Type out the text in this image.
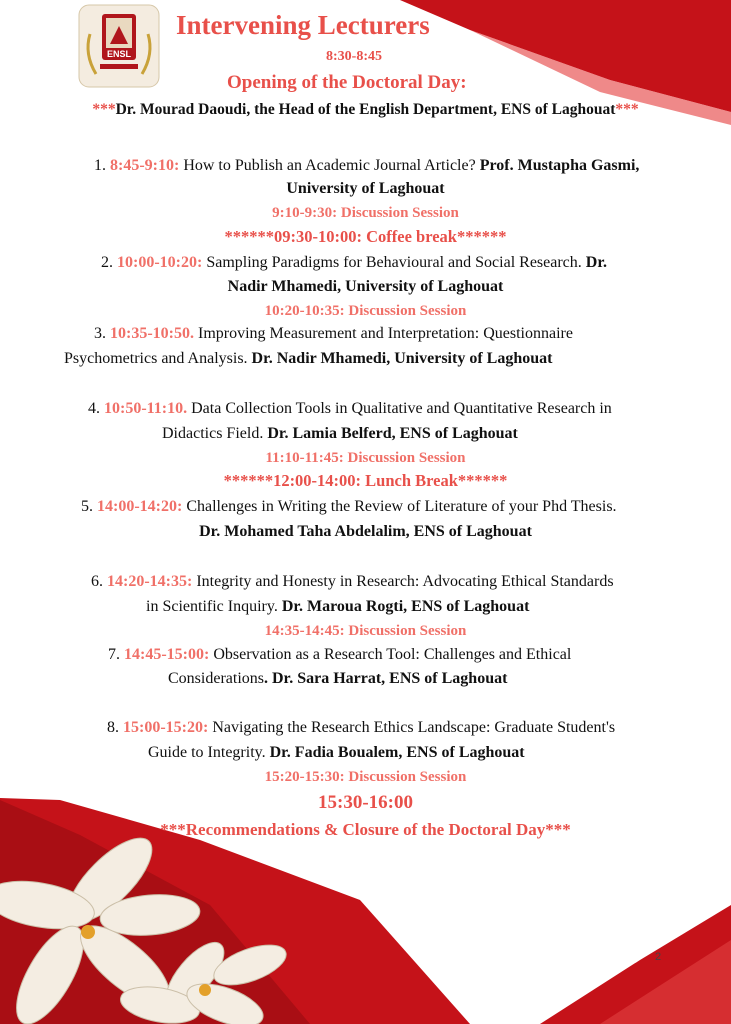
ENSL
Intervening Lecturers
8:30-8:45
Opening of the Doctoral Day:
***Dr. Mourad Daoudi, the Head of the English Department, ENS of Laghouat***
1. 8:45-9:10: How to Publish an Academic Journal Article? Prof. Mustapha Gasmi,
University of Laghouat
9:10-9:30: Discussion Session
******09:30-10:00: Coffee break******
2. 10:00-10:20: Sampling Paradigms for Behavioural and Social Research. Dr.
Nadir Mhamedi, University of Laghouat
10:20-10:35: Discussion Session
3. 10:35-10:50. Improving Measurement and Interpretation: Questionnaire
Psychometrics and Analysis. Dr. Nadir Mhamedi, University of Laghouat
4. 10:50-11:10. Data Collection Tools in Qualitative and Quantitative Research in
Didactics Field. Dr. Lamia Belferd, ENS of Laghouat
11:10-11:45: Discussion Session
******12:00-14:00: Lunch Break******
5. 14:00-14:20: Challenges in Writing the Review of Literature of your Phd Thesis.
Dr. Mohamed Taha Abdelalim, ENS of Laghouat
6. 14:20-14:35: Integrity and Honesty in Research: Advocating Ethical Standards
in Scientific Inquiry. Dr. Maroua Rogti, ENS of Laghouat
14:35-14:45: Discussion Session
7. 14:45-15:00: Observation as a Research Tool: Challenges and Ethical
Considerations. Dr. Sara Harrat, ENS of Laghouat
8. 15:00-15:20: Navigating the Research Ethics Landscape: Graduate Student's
Guide to Integrity. Dr. Fadia Boualem, ENS of Laghouat
15:20-15:30: Discussion Session
15:30-16:00
***Recommendations & Closure of the Doctoral Day***
2
